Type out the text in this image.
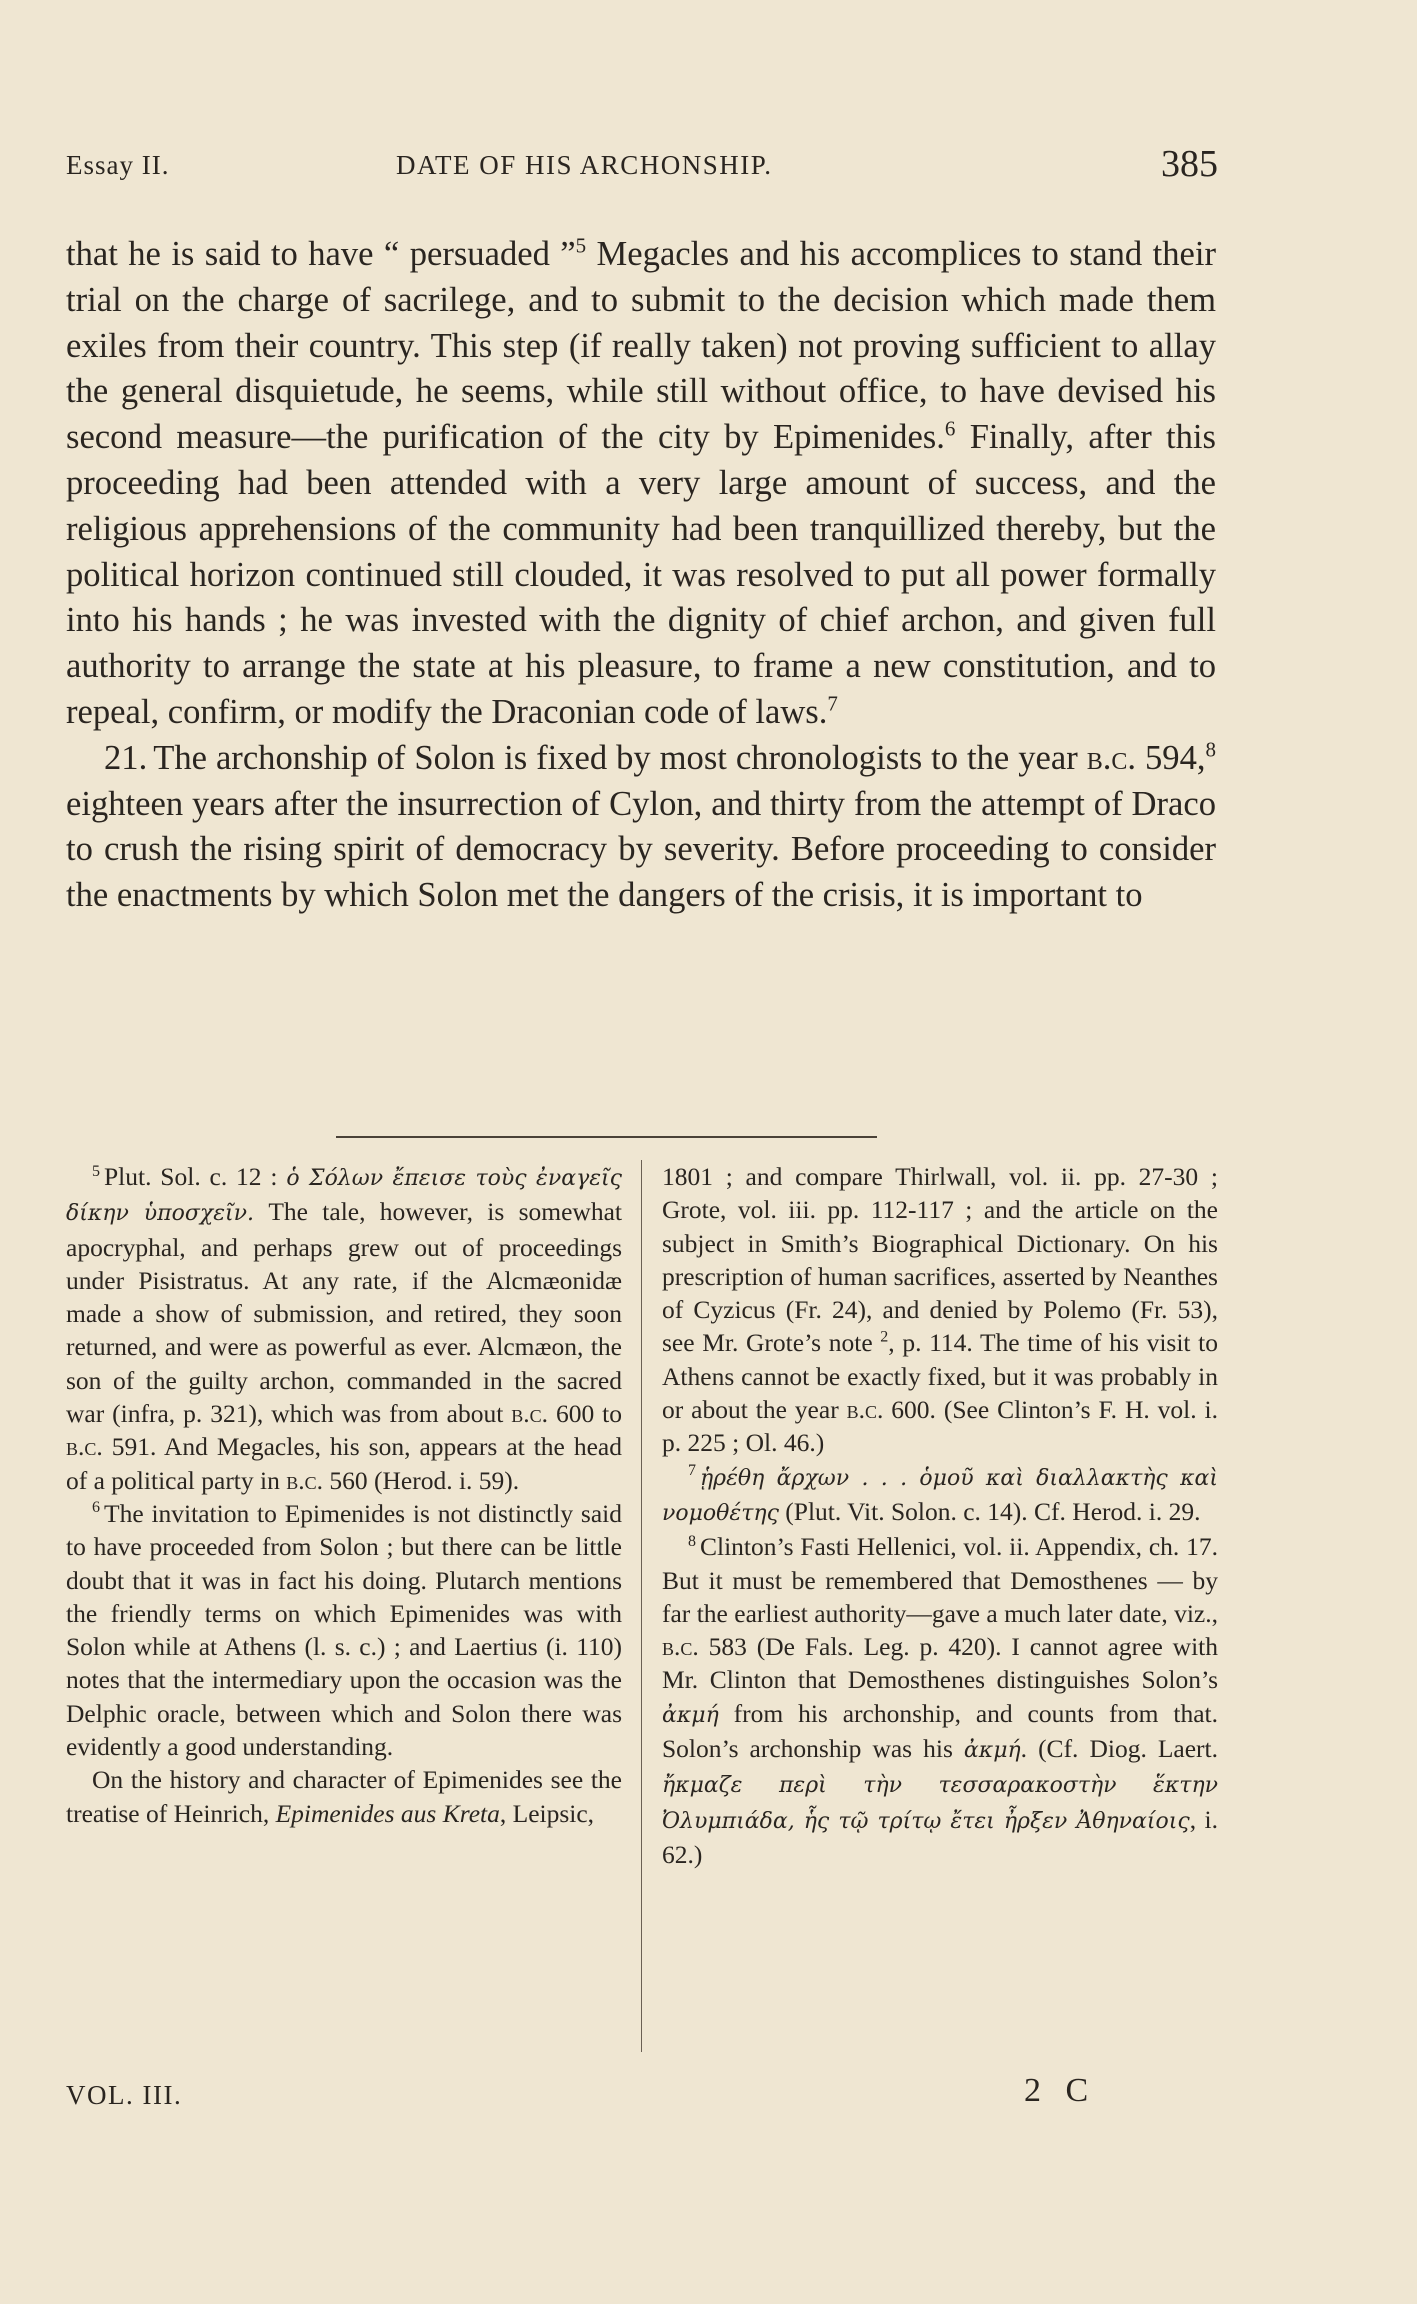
Essay II.	DATE OF HIS ARCHONSHIP.	385

that he is said to have “ persuaded ”$^5$ Megacles and his accomplices to stand their trial on the charge of sacrilege, and to submit to the decision which made them exiles from their country. This step (if really taken) not proving sufficient to allay the general disquietude, he seems, while still without office, to have devised his second measure—the purification of the city by Epimenides.$^6$ Finally, after this proceeding had been attended with a very large amount of success, and the religious apprehensions of the community had been tranquillized thereby, but the political horizon continued still clouded, it was resolved to put all power formally into his hands ; he was invested with the dignity of chief archon, and given full authority to arrange the state at his pleasure, to frame a new constitution, and to repeal, confirm, or modify the Draconian code of laws.$^7$

21. The archonship of Solon is fixed by most chronologists to the year b.c. 594,$^8$ eighteen years after the insurrection of Cylon, and thirty from the attempt of Draco to crush the rising spirit of democracy by severity. Before proceeding to consider the enactments by which Solon met the dangers of the crisis, it is important to

$^5$ Plut. Sol. c. 12 : ὁ Σόλων ἔπεισε τοὺς ἐναγεῖς δίκην ὑποσχεῖν. The tale, however, is somewhat apocryphal, and perhaps grew out of proceedings under Pisistratus. At any rate, if the Alcmæonidæ made a show of submission, and retired, they soon returned, and were as powerful as ever. Alcmæon, the son of the guilty archon, commanded in the sacred war (infra, p. 321), which was from about b.c. 600 to b.c. 591. And Megacles, his son, appears at the head of a political party in b.c. 560 (Herod. i. 59).

$^6$ The invitation to Epimenides is not distinctly said to have proceeded from Solon ; but there can be little doubt that it was in fact his doing. Plutarch mentions the friendly terms on which Epimenides was with Solon while at Athens (l. s. c.) ; and Laertius (i. 110) notes that the intermediary upon the occasion was the Delphic oracle, between which and Solon there was evidently a good understanding.

On the history and character of Epimenides see the treatise of Heinrich, Epimenides aus Kreta, Leipsic,

1801 ; and compare Thirlwall, vol. ii. pp. 27-30 ; Grote, vol. iii. pp. 112-117 ; and the article on the subject in Smith’s Biographical Dictionary. On his prescription of human sacrifices, asserted by Neanthes of Cyzicus (Fr. 24), and denied by Polemo (Fr. 53), see Mr. Grote’s note $^2$, p. 114. The time of his visit to Athens cannot be exactly fixed, but it was probably in or about the year b.c. 600. (See Clinton’s F. H. vol. i. p. 225 ; Ol. 46.)

$^7$ ᾑρέθη ἄρχων . . . ὁμοῦ καὶ διαλλακτὴς καὶ νομοθέτης (Plut. Vit. Solon. c. 14). Cf. Herod. i. 29.

$^8$ Clinton’s Fasti Hellenici, vol. ii. Appendix, ch. 17. But it must be remembered that Demosthenes — by far the earliest authority—gave a much later date, viz., b.c. 583 (De Fals. Leg. p. 420). I cannot agree with Mr. Clinton that Demosthenes distinguishes Solon’s ἀκμή from his archonship, and counts from that. Solon’s archonship was his ἀκμή. (Cf. Diog. Laert. ἤκμαζε περὶ τὴν τεσσαρακοστὴν ἕκτην Ὀλυμπιάδα, ἧς τῷ τρίτῳ ἔτει ἦρξεν Ἀθηναίοις, i. 62.)

VOL. III.	2 C
